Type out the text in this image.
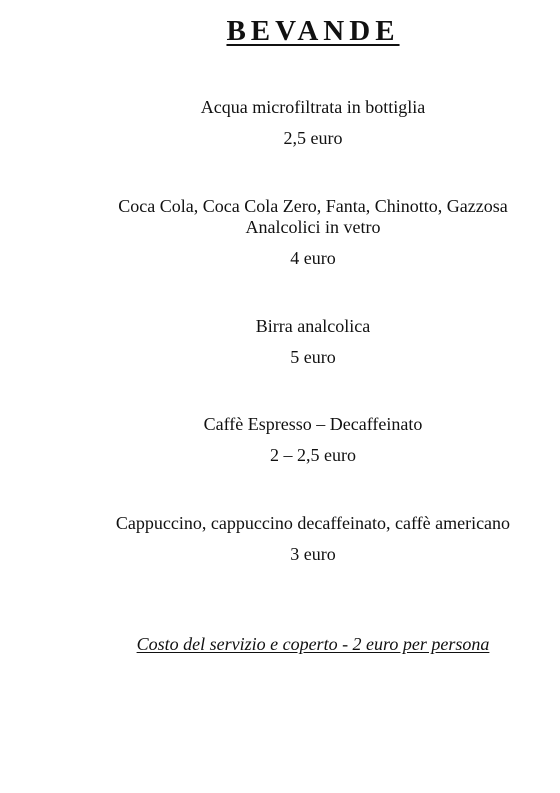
BEVANDE
Acqua microfiltrata in bottiglia
2,5 euro
Coca Cola, Coca Cola Zero, Fanta, Chinotto, Gazzosa
Analcolici in vetro
4 euro
Birra analcolica
5 euro
Caffè Espresso – Decaffeinato
2 – 2,5 euro
Cappuccino, cappuccino decaffeinato, caffè americano
3 euro
Costo del servizio e coperto - 2 euro per persona
